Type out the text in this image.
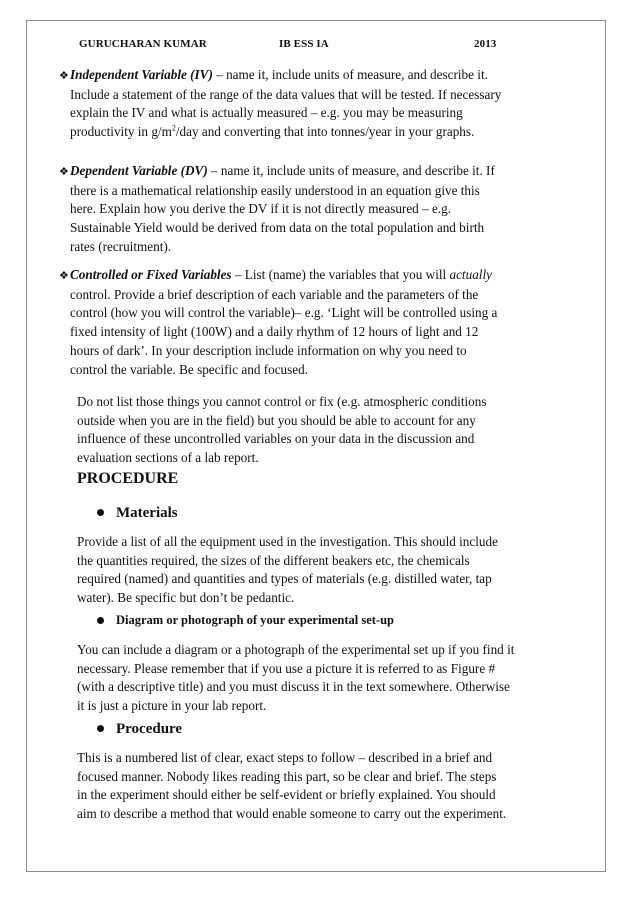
GURUCHARAN KUMAR	IB ESS IA	2013
❖Independent Variable (IV) – name it, include units of measure, and describe it.
Include a statement of the range of the data values that will be tested. If necessary
explain the IV and what is actually measured – e.g. you may be measuring
productivity in $g/m^2$/day and converting that into tonnes/year in your graphs.
❖Dependent Variable (DV) – name it, include units of measure, and describe it. If
there is a mathematical relationship easily understood in an equation give this
here. Explain how you derive the DV if it is not directly measured – e.g.
Sustainable Yield would be derived from data on the total population and birth
rates (recruitment).
❖Controlled or Fixed Variables – List (name) the variables that you will actually
control. Provide a brief description of each variable and the parameters of the
control (how you will control the variable)– e.g. ‘Light will be controlled using a
fixed intensity of light (100W) and a daily rhythm of 12 hours of light and 12
hours of dark’. In your description include information on why you need to
control the variable. Be specific and focused.
Do not list those things you cannot control or fix (e.g. atmospheric conditions
outside when you are in the field) but you should be able to account for any
influence of these uncontrolled variables on your data in the discussion and
evaluation sections of a lab report.
PROCEDURE
Materials
Provide a list of all the equipment used in the investigation. This should include
the quantities required, the sizes of the different beakers etc, the chemicals
required (named) and quantities and types of materials (e.g. distilled water, tap
water). Be specific but don’t be pedantic.
Diagram or photograph of your experimental set-up
You can include a diagram or a photograph of the experimental set up if you find it
necessary. Please remember that if you use a picture it is referred to as Figure #
(with a descriptive title) and you must discuss it in the text somewhere. Otherwise
it is just a picture in your lab report.
Procedure
This is a numbered list of clear, exact steps to follow – described in a brief and
focused manner. Nobody likes reading this part, so be clear and brief. The steps
in the experiment should either be self-evident or briefly explained. You should
aim to describe a method that would enable someone to carry out the experiment.
